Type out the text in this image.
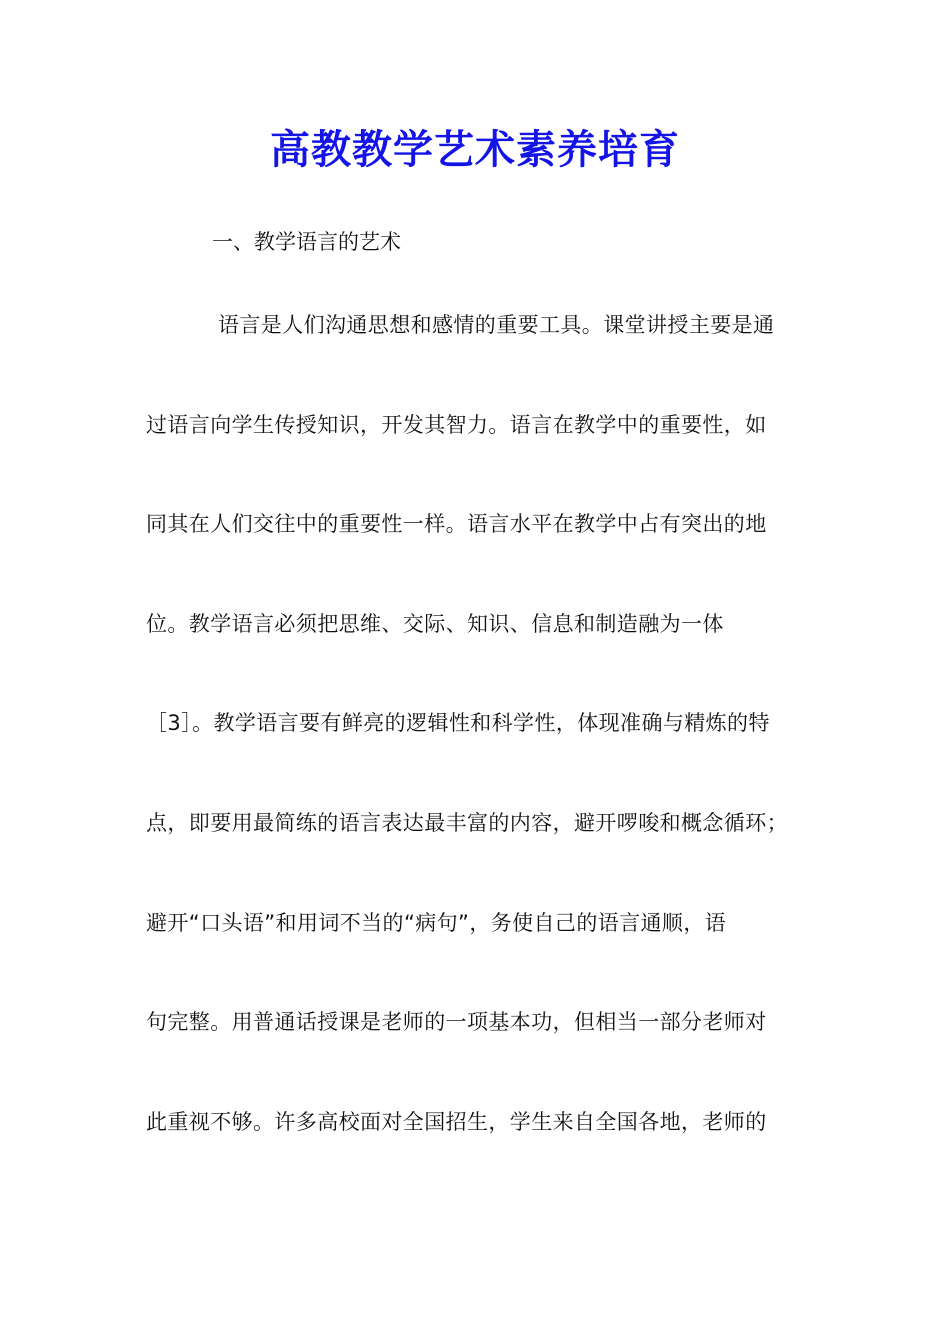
高教教学艺术素养培育

一、教学语言的艺术

语言是人们沟通思想和感情的重要工具。课堂讲授主要是通
过语言向学生传授知识，开发其智力。语言在教学中的重要性，如
同其在人们交往中的重要性一样。语言水平在教学中占有突出的地
位。教学语言必须把思维、交际、知识、信息和制造融为一体
［3］。教学语言要有鲜亮的逻辑性和科学性，体现准确与精炼的特
点，即要用最简练的语言表达最丰富的内容，避开啰唆和概念循环；
避开“口头语”和用词不当的“病句”，务使自己的语言通顺，语
句完整。用普通话授课是老师的一项基本功，但相当一部分老师对
此重视不够。许多高校面对全国招生，学生来自全国各地，老师的
